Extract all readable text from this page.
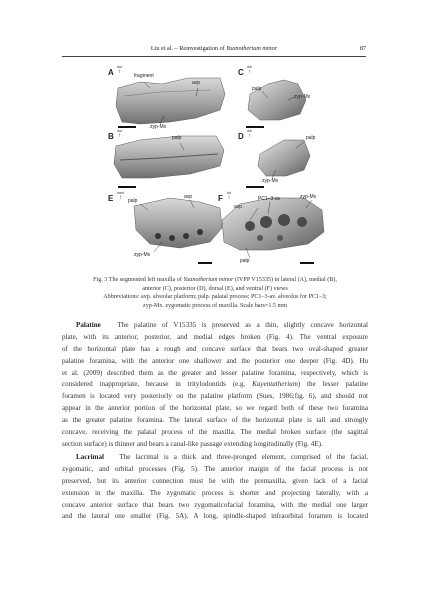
Liu et al. – Reinvestigation of Yuanotherium minor	87
A
dor
↑
B
dor
↑
C
dor
↑
D
dor
↑
E
med
↑	F
lat
↑
fragment
avp
zyp-Mx
palp
palp
zyp-Mx
palp
zyp-Mx
palp
avp
zyp-Mx
PC1–3-av
avp
zyp-Mx
palp
Fig. 3 The segmented left maxilla of Yuanotherium minor (IVPP V15335) in lateral (A), medial (B),
anterior (C), posterior (D), dorsal (E), and ventral (F) views
Abbreviations: avp. alveolar platform; palp. palatal process; PC1–3-av. alveolus for PC1–3;
zyp-Mx. zygomatic process of maxilla. Scale bars=1.5 mm
Palatine The palatine of V15335 is preserved as a thin, slightly concave horizontal
plate, with its anterior, posterior, and medial edges broken (Fig. 4). The ventral exposure
of the horizontal plate has a rough and concave surface that bears two oval-shaped greater
palatine foramina, with the anterior one shallower and the posterior one deeper (Fig. 4D). Hu
et al. (2009) described them as the greater and lesser palatine foramina, respectively, which is
considered inappropriate, because in tritylodontids (e.g. Kayentatherium) the lesser palatine
foramen is located very posteriorly on the palatine platform (Sues, 1986:fig. 6), and should not
appear in the anterior portion of the horizontal plate, so we regard both of these two foramina
as the greater palatine foramina. The lateral surface of the horizontal plate is tall and strongly
concave, receiving the palatal process of the maxilla. The medial broken surface (the sagittal
section surface) is thinner and bears a canal-like passage extending longitudinally (Fig. 4E).
Lacrimal The lacrimal is a thick and three-pronged element, comprised of the facial,
zygomatic, and orbital processes (Fig. 5). The anterior margin of the facial process is not
preserved, but its anterior connection must be with the premaxilla, given lack of a facial
extension in the maxilla. The zygomatic process is shorter and projecting laterally, with a
concave anterior surface that bears two zygomaticofacial foramina, with the medial one larger
and the lateral one smaller (Fig. 5A). A long, spindle-shaped infraorbital foramen is located
